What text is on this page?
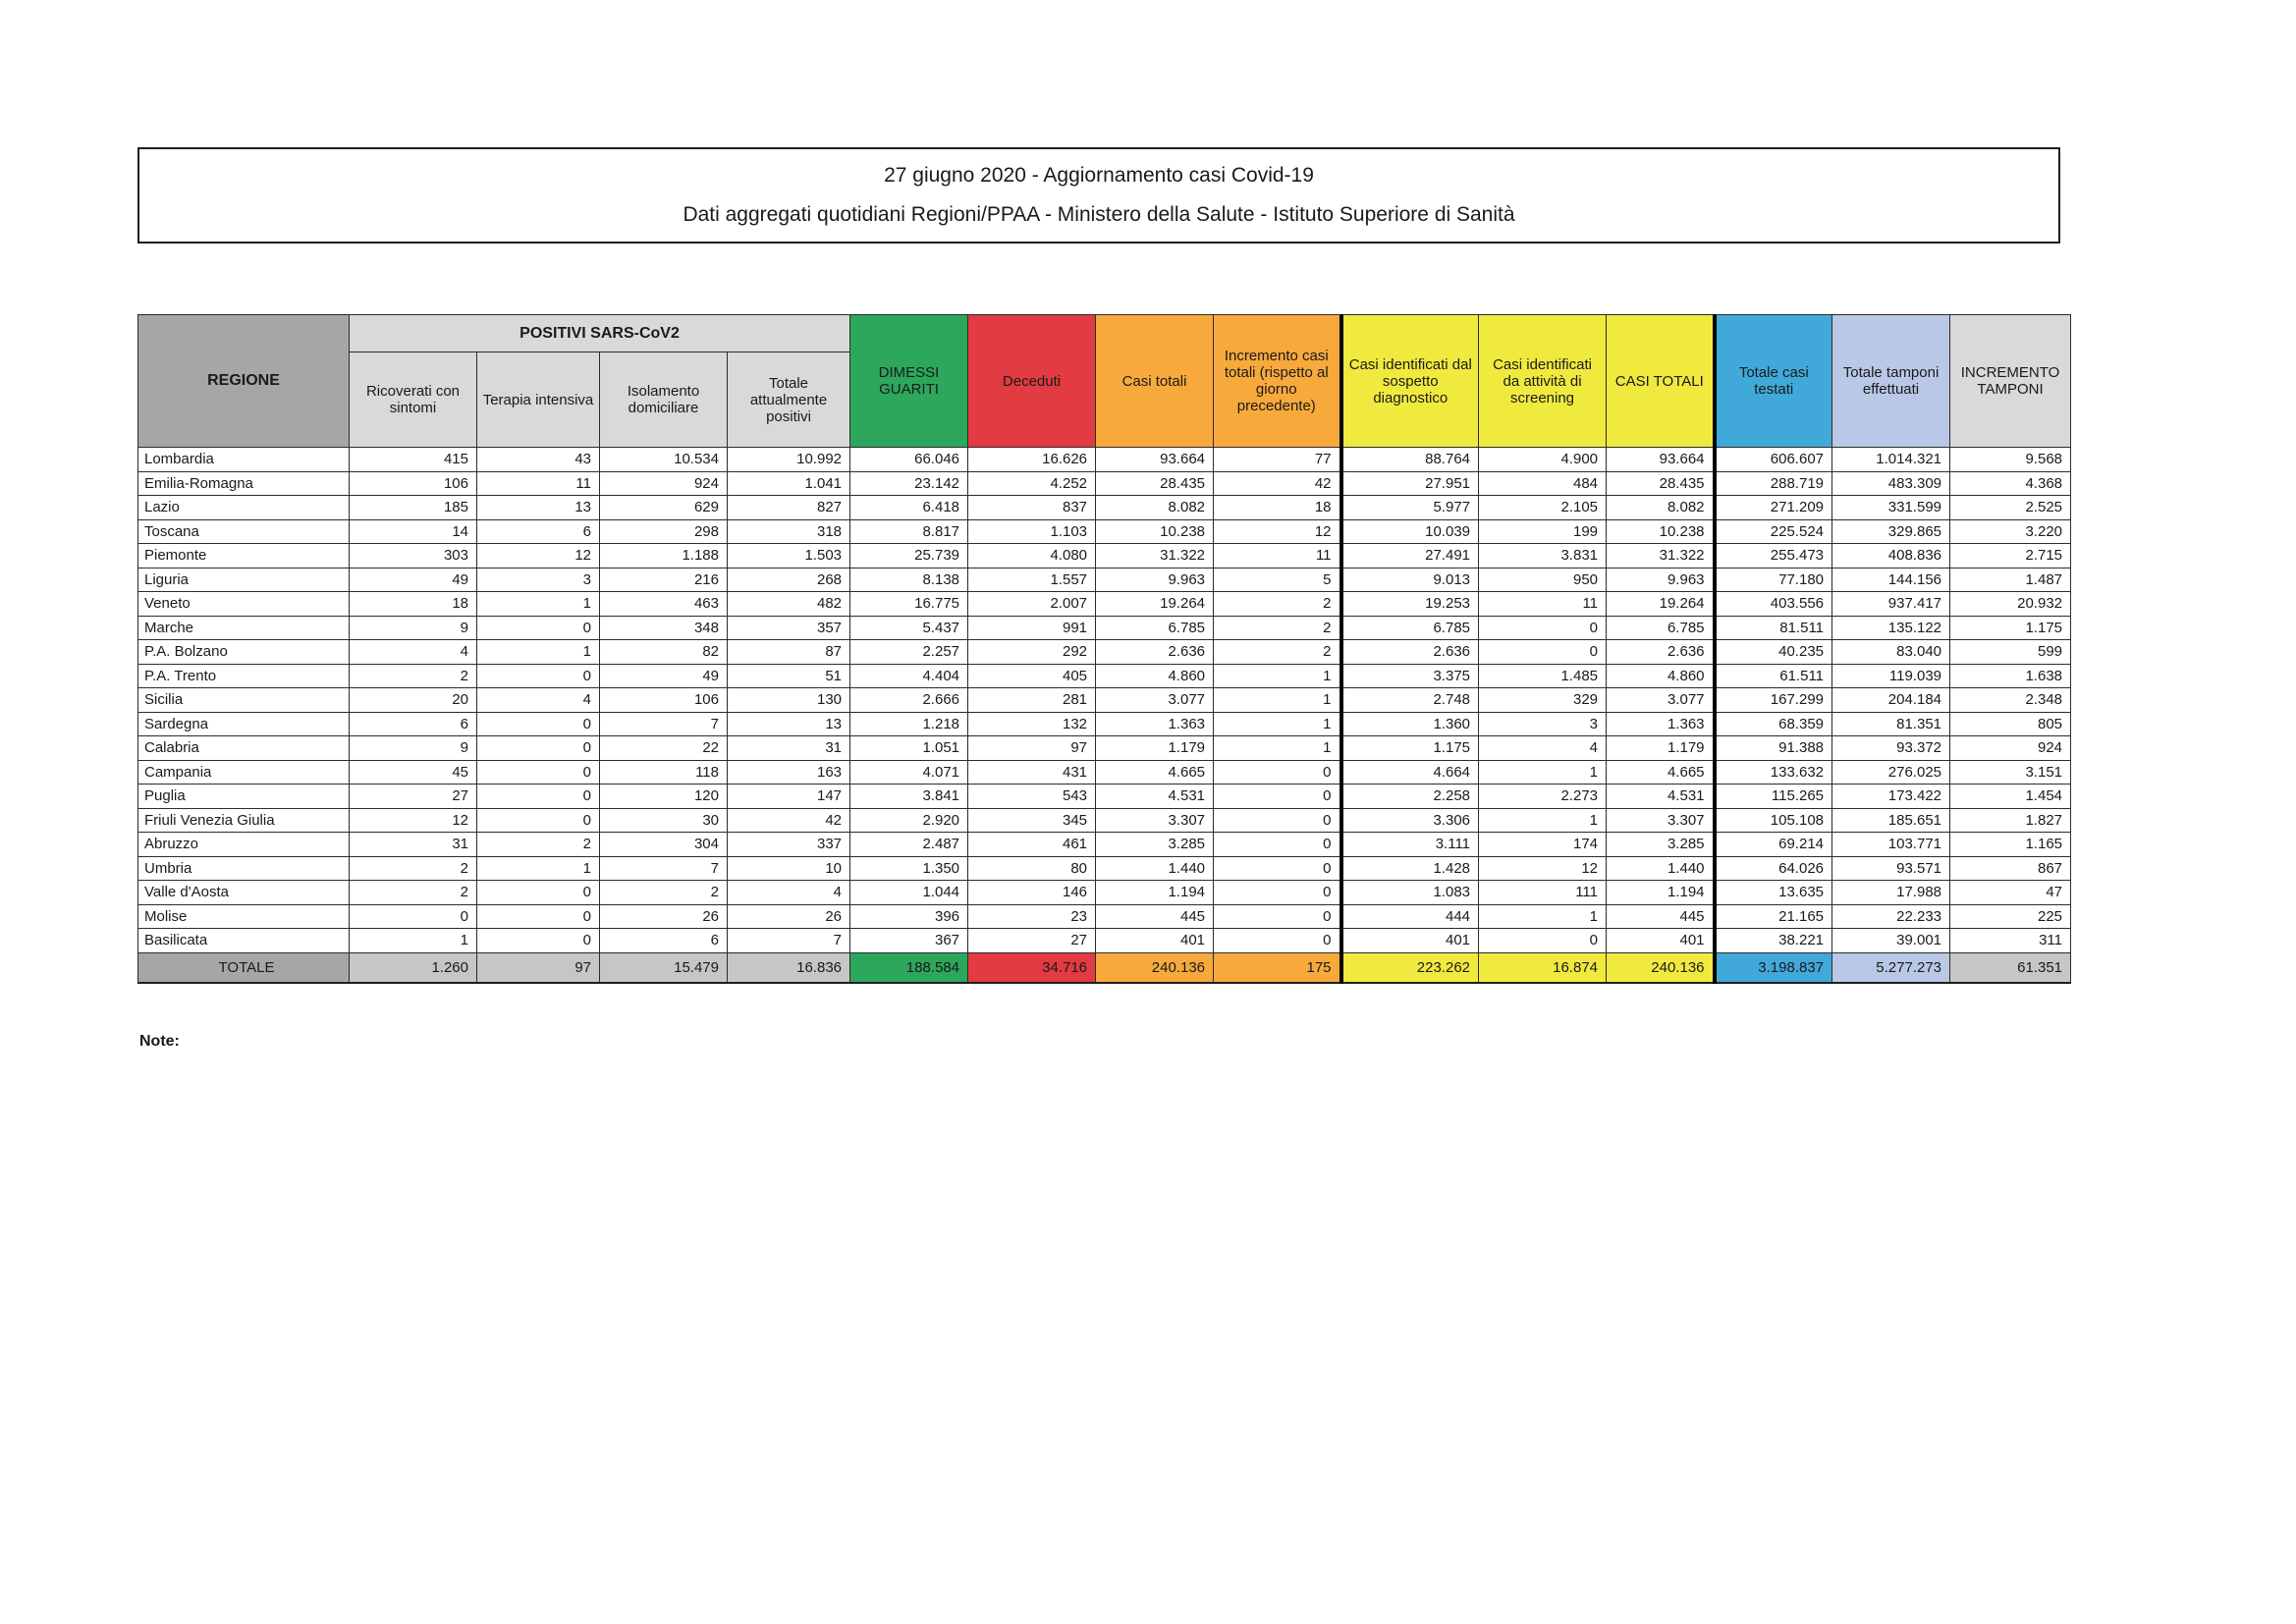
27 giugno 2020 - Aggiornamento casi Covid-19
Dati aggregati quotidiani Regioni/PPAA - Ministero della Salute - Istituto Superiore di Sanità
REGIONE	POSITIVI SARS-CoV2				DIMESSI GUARITI	Deceduti	Casi totali	Incremento casi totali (rispetto al giorno precedente)	Casi identificati dal sospetto diagnostico	Casi identificati da attività di screening	CASI TOTALI	Totale casi testati	Totale tamponi effettuati	INCREMENTO TAMPONI
	Ricoverati con sintomi	Terapia intensiva	Isolamento domiciliare	Totale attualmente positivi										
Lombardia	415	43	10.534	10.992	66.046	16.626	93.664	77	88.764	4.900	93.664	606.607	1.014.321	9.568
Emilia-Romagna	106	11	924	1.041	23.142	4.252	28.435	42	27.951	484	28.435	288.719	483.309	4.368
Lazio	185	13	629	827	6.418	837	8.082	18	5.977	2.105	8.082	271.209	331.599	2.525
Toscana	14	6	298	318	8.817	1.103	10.238	12	10.039	199	10.238	225.524	329.865	3.220
Piemonte	303	12	1.188	1.503	25.739	4.080	31.322	11	27.491	3.831	31.322	255.473	408.836	2.715
Liguria	49	3	216	268	8.138	1.557	9.963	5	9.013	950	9.963	77.180	144.156	1.487
Veneto	18	1	463	482	16.775	2.007	19.264	2	19.253	11	19.264	403.556	937.417	20.932
Marche	9	0	348	357	5.437	991	6.785	2	6.785	0	6.785	81.511	135.122	1.175
P.A. Bolzano	4	1	82	87	2.257	292	2.636	2	2.636	0	2.636	40.235	83.040	599
P.A. Trento	2	0	49	51	4.404	405	4.860	1	3.375	1.485	4.860	61.511	119.039	1.638
Sicilia	20	4	106	130	2.666	281	3.077	1	2.748	329	3.077	167.299	204.184	2.348
Sardegna	6	0	7	13	1.218	132	1.363	1	1.360	3	1.363	68.359	81.351	805
Calabria	9	0	22	31	1.051	97	1.179	1	1.175	4	1.179	91.388	93.372	924
Campania	45	0	118	163	4.071	431	4.665	0	4.664	1	4.665	133.632	276.025	3.151
Puglia	27	0	120	147	3.841	543	4.531	0	2.258	2.273	4.531	115.265	173.422	1.454
Friuli Venezia Giulia	12	0	30	42	2.920	345	3.307	0	3.306	1	3.307	105.108	185.651	1.827
Abruzzo	31	2	304	337	2.487	461	3.285	0	3.111	174	3.285	69.214	103.771	1.165
Umbria	2	1	7	10	1.350	80	1.440	0	1.428	12	1.440	64.026	93.571	867
Valle d'Aosta	2	0	2	4	1.044	146	1.194	0	1.083	111	1.194	13.635	17.988	47
Molise	0	0	26	26	396	23	445	0	444	1	445	21.165	22.233	225
Basilicata	1	0	6	7	367	27	401	0	401	0	401	38.221	39.001	311
TOTALE	1.260	97	15.479	16.836	188.584	34.716	240.136	175	223.262	16.874	240.136	3.198.837	5.277.273	61.351
Note:
